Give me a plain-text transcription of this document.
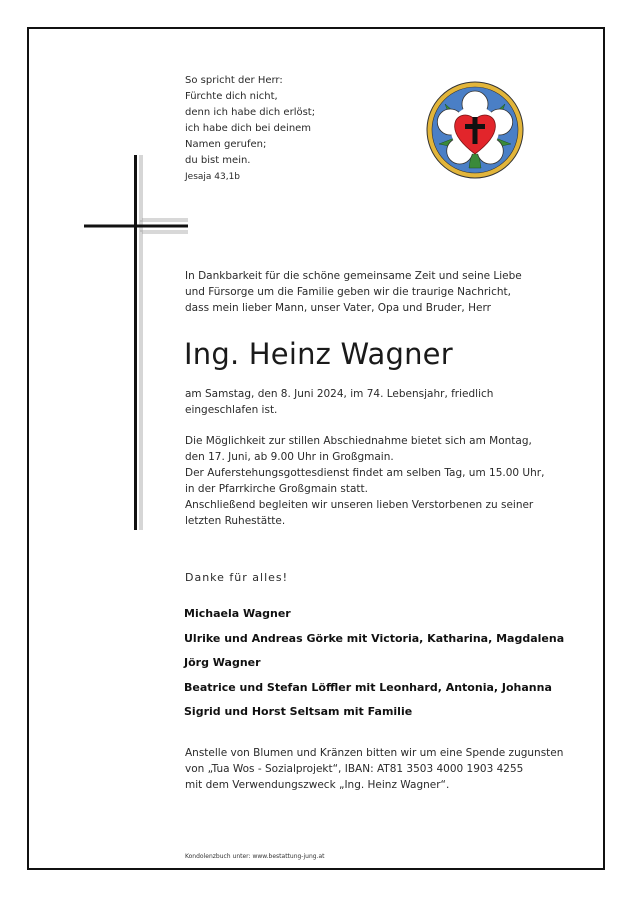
So spricht der Herr:
Fürchte dich nicht,
denn ich habe dich erlöst;
ich habe dich bei deinem
Namen gerufen;
du bist mein.
Jesaja 43,1b
In Dankbarkeit für die schöne gemeinsame Zeit und seine Liebe
und Fürsorge um die Familie geben wir die traurige Nachricht,
dass mein lieber Mann, unser Vater, Opa und Bruder, Herr
Ing. Heinz Wagner
am Samstag, den 8. Juni 2024, im 74. Lebensjahr, friedlich
eingeschlafen ist.
Die Möglichkeit zur stillen Abschiednahme bietet sich am Montag,
den 17. Juni, ab 9.00 Uhr in Großgmain.
Der Auferstehungsgottesdienst findet am selben Tag, um 15.00 Uhr,
in der Pfarrkirche Großgmain statt.
Anschließend begleiten wir unseren lieben Verstorbenen zu seiner
letzten Ruhestätte.
Danke für alles!
Michaela Wagner
Ulrike und Andreas Görke mit Victoria, Katharina, Magdalena
Jörg Wagner
Beatrice und Stefan Löffler mit Leonhard, Antonia, Johanna
Sigrid und Horst Seltsam mit Familie
Anstelle von Blumen und Kränzen bitten wir um eine Spende zugunsten
von „Tua Wos - Sozialprojekt“, IBAN: AT81 3503 4000 1903 4255
mit dem Verwendungszweck „Ing. Heinz Wagner“.
Kondolenzbuch unter: www.bestattung-jung.at
